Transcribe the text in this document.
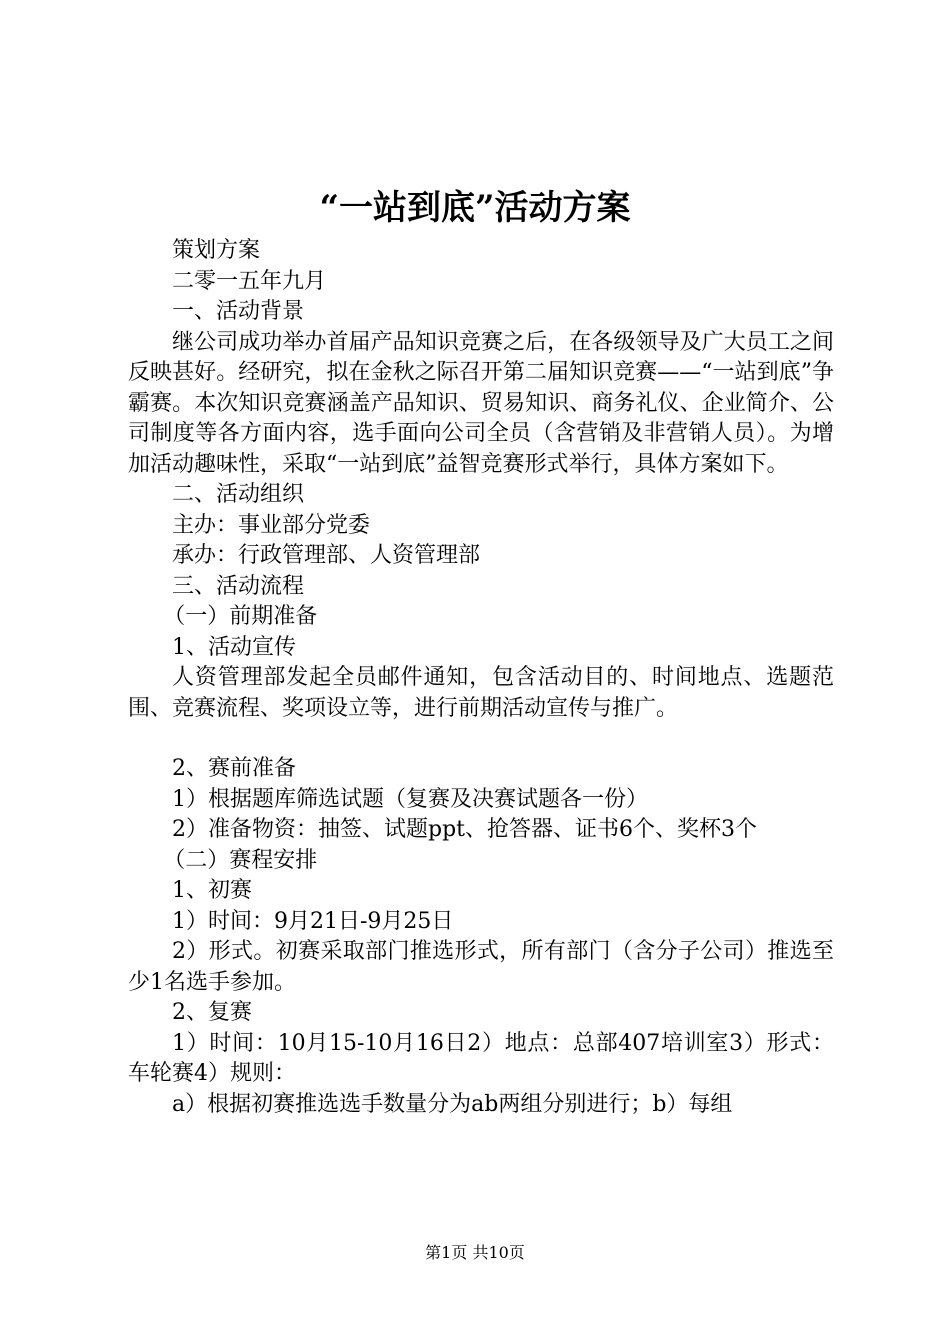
“一站到底”活动方案

策划方案

二零一五年九月

一、活动背景

继公司成功举办首届产品知识竞赛之后，在各级领导及广大员工之间反映甚好。经研究，拟在金秋之际召开第二届知识竞赛——“一站到底”争霸赛。本次知识竞赛涵盖产品知识、贸易知识、商务礼仪、企业简介、公司制度等各方面内容，选手面向公司全员（含营销及非营销人员）。为增加活动趣味性，采取“一站到底”益智竞赛形式举行，具体方案如下。

二、活动组织

主办：事业部分党委

承办：行政管理部、人资管理部

三、活动流程

（一）前期准备

1、活动宣传

人资管理部发起全员邮件通知，包含活动目的、时间地点、选题范围、竞赛流程、奖项设立等，进行前期活动宣传与推广。

2、赛前准备

1）根据题库筛选试题（复赛及决赛试题各一份）

2）准备物资：抽签、试题ppt、抢答器、证书6个、奖杯3个

（二）赛程安排

1、初赛

1）时间：9月21日-9月25日

2）形式。初赛采取部门推选形式，所有部门（含分子公司）推选至少1名选手参加。

2、复赛

1）时间：10月15-10月16日2）地点：总部407培训室3）形式：车轮赛4）规则：

a）根据初赛推选选手数量分为ab两组分别进行；b）每组

第1页 共10页
